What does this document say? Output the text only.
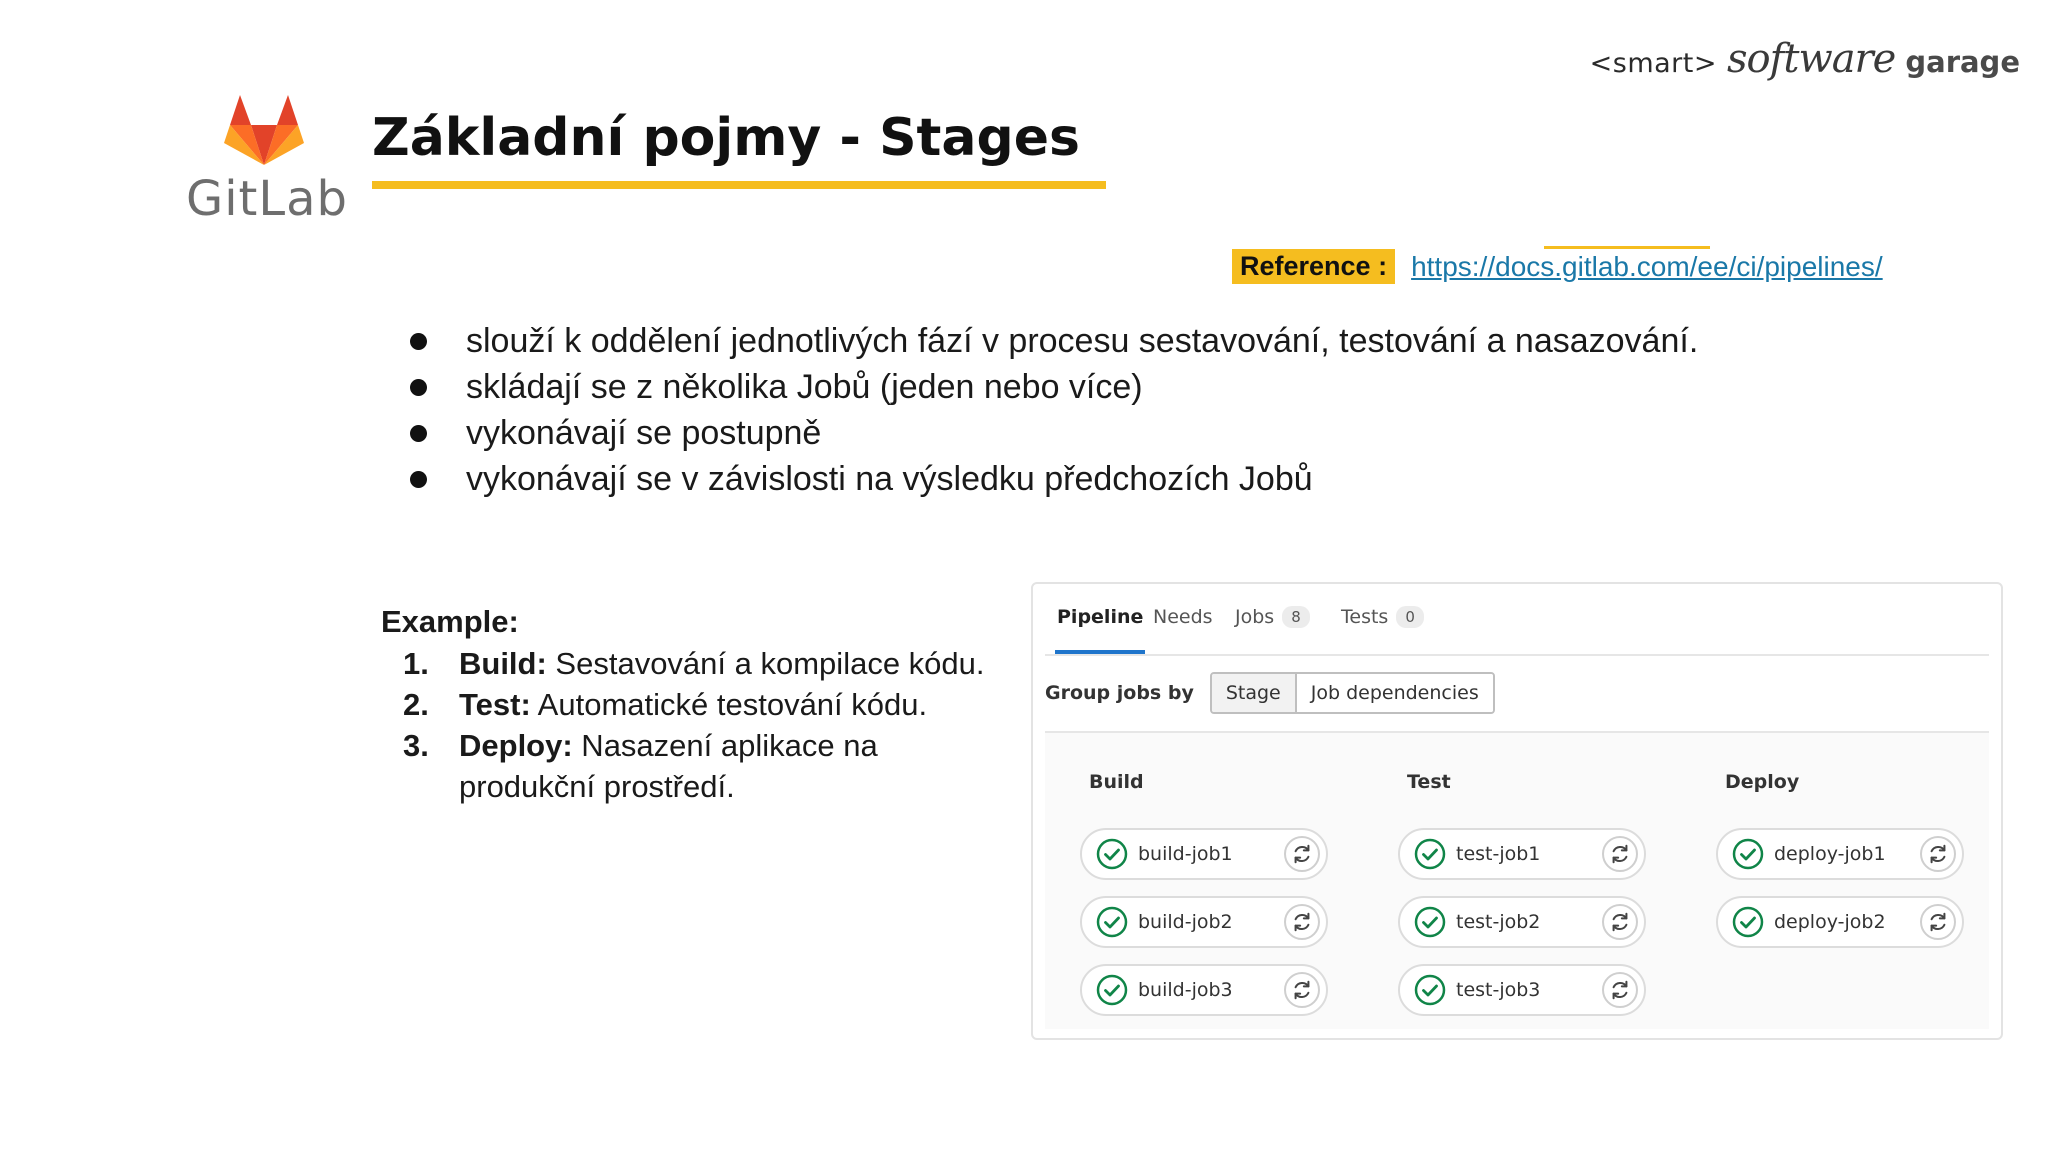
<smart> software garage
GitLab
Základní pojmy - Stages
Reference : https://docs.gitlab.com/ee/ci/pipelines/
slouží k oddělení jednotlivých fází v procesu sestavování, testování a nasazování.
skládají se z několika Jobů (jeden nebo více)
vykonávají se postupně
vykonávají se v závislosti na výsledku předchozích Jobů

Example:

1. Build: Sestavování a kompilace kódu.
2. Test: Automatické testování kódu.
3. Deploy: Nasazení aplikace na produkční prostředí.
Pipeline Needs Jobs	8	Tests	0
Group jobs by	Stage	Job dependencies
Build
build-job1
build-job2
build-job3
Test
test-job1
test-job2
test-job3
Deploy
deploy-job1
deploy-job2
